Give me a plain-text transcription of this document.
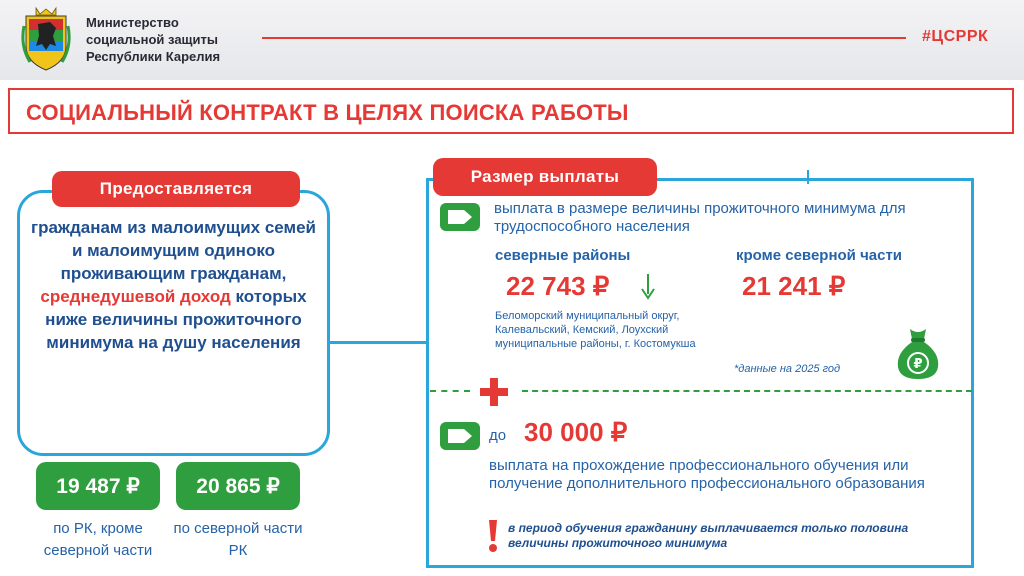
Министерство
социальной защиты
Республики Карелия
#ЦСРРК
СОЦИАЛЬНЫЙ КОНТРАКТ В ЦЕЛЯХ ПОИСКА РАБОТЫ
Предоставляется
гражданам из малоимущих семей и малоимущим одиноко проживающим гражданам, среднедушевой доход которых ниже величины прожиточного минимума на душу населения
19 487 ₽	20 865 ₽
по РК, кроме северной части
по северной части РК
Размер выплаты
выплата в размере величины прожиточного минимума для трудоспособного населения
северные районы	кроме северной части
22 743 ₽	21 241 ₽
Беломорский муниципальный округ, Калевальский, Кемский, Лоухский муниципальные районы, г. Костомукша
*данные на 2025 год	₽
до 30 000 ₽
выплата на прохождение профессионального обучения или получение дополнительного профессионального образования
в период обучения гражданину выплачивается только половина величины прожиточного минимума
